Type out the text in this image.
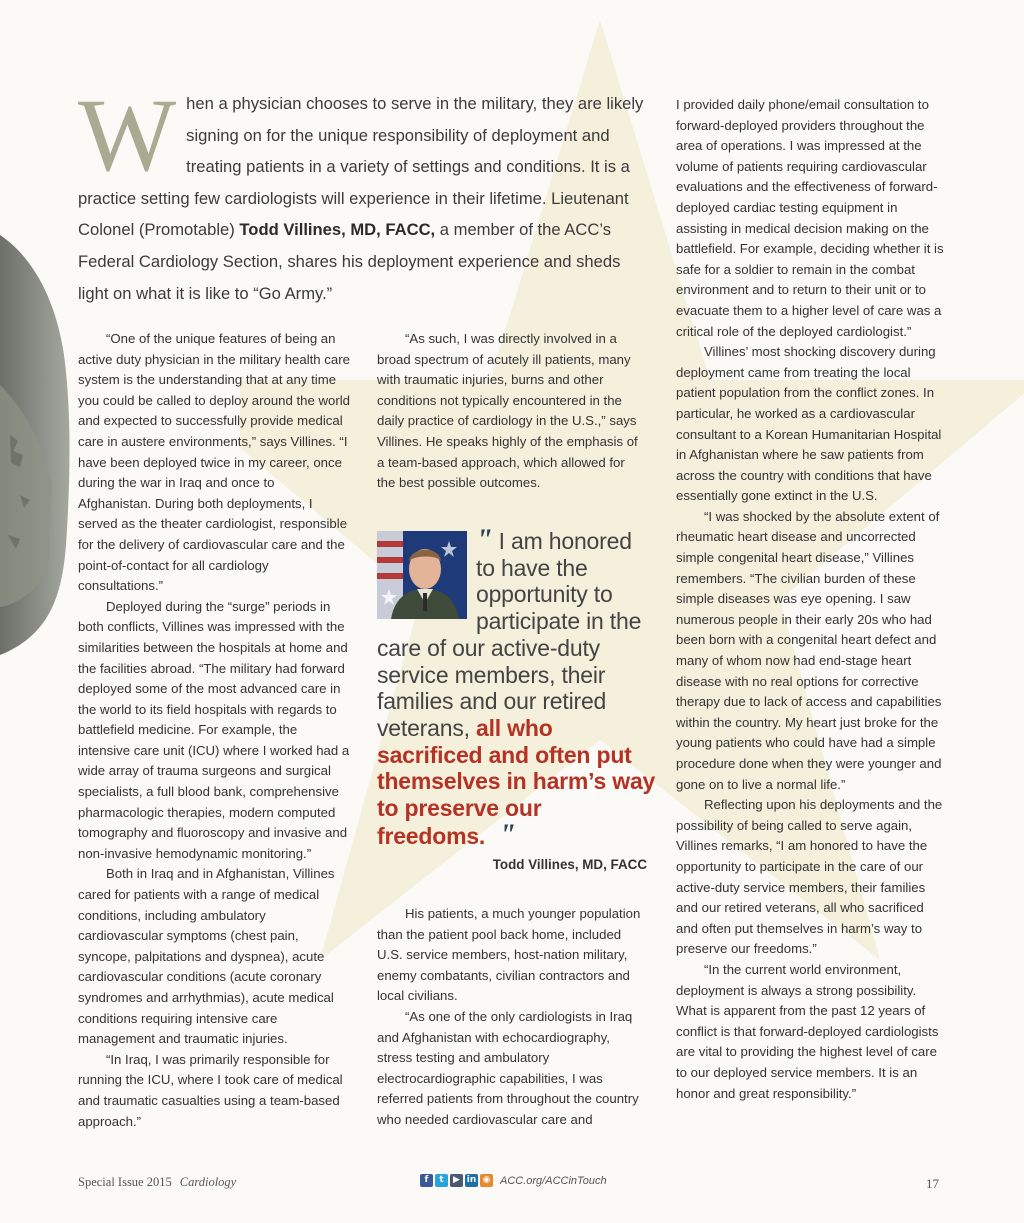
W hen a physician chooses to serve in the military, they are likely signing on for the unique responsibility of deployment and treating patients in a variety of settings and conditions. It is a practice setting few cardiologists will experience in their lifetime. Lieutenant Colonel (Promotable) Todd Villines, MD, FACC, a member of the ACC’s Federal Cardiology Section, shares his deployment experience and sheds light on what it is like to “Go Army.”

“One of the unique features of being an active duty physician in the military health care system is the understanding that at any time you could be called to deploy around the world and expected to successfully provide medical care in austere environments,” says Villines. “I have been deployed twice in my career, once during the war in Iraq and once to Afghanistan. During both deployments, I served as the theater cardiologist, responsible for the delivery of cardiovascular care and the point-of-contact for all cardiology consultations.”

Deployed during the “surge” periods in both conflicts, Villines was impressed with the similarities between the hospitals at home and the facilities abroad. “The military had forward deployed some of the most advanced care in the world to its field hospitals with regards to battlefield medicine. For example, the intensive care unit (ICU) where I worked had a wide array of trauma surgeons and surgical specialists, a full blood bank, comprehensive pharmacologic therapies, modern computed tomography and fluoroscopy and invasive and non-invasive hemodynamic monitoring.”

Both in Iraq and in Afghanistan, Villines cared for patients with a range of medical conditions, including ambulatory cardiovascular symptoms (chest pain, syncope, palpitations and dyspnea), acute cardiovascular conditions (acute coronary syndromes and arrhythmias), acute medical conditions requiring intensive care management and traumatic injuries.

“In Iraq, I was primarily responsible for running the ICU, where I took care of medical and traumatic casualties using a team-based approach.”

“As such, I was directly involved in a broad spectrum of acutely ill patients, many with traumatic injuries, burns and other conditions not typically encountered in the daily practice of cardiology in the U.S.,” says Villines. He speaks highly of the emphasis of a team-based approach, which allowed for the best possible outcomes.

" I am honored
to have the
opportunity to
participate in the
care of our active-duty
service members, their
families and our retired
veterans, all who
sacrificed and often put
themselves in harm’s way
to preserve our
freedoms. "
Todd Villines, MD, FACC

His patients, a much younger population than the patient pool back home, included U.S. service members, host-nation military, enemy combatants, civilian contractors and local civilians.

“As one of the only cardiologists in Iraq and Afghanistan with echocardiography, stress testing and ambulatory electrocardiographic capabilities, I was referred patients from throughout the country who needed cardiovascular care and

I provided daily phone/email consultation to forward-deployed providers throughout the area of operations. I was impressed at the volume of patients requiring cardiovascular evaluations and the effectiveness of forward-deployed cardiac testing equipment in assisting in medical decision making on the battlefield. For example, deciding whether it is safe for a soldier to remain in the combat environment and to return to their unit or to evacuate them to a higher level of care was a critical role of the deployed cardiologist.”

Villines’ most shocking discovery during deployment came from treating the local patient population from the conflict zones. In particular, he worked as a cardiovascular consultant to a Korean Humanitarian Hospital in Afghanistan where he saw patients from across the country with conditions that have essentially gone extinct in the U.S.

“I was shocked by the absolute extent of rheumatic heart disease and uncorrected simple congenital heart disease,” Villines remembers. “The civilian burden of these simple diseases was eye opening. I saw numerous people in their early 20s who had been born with a congenital heart defect and many of whom now had end-stage heart disease with no real options for corrective therapy due to lack of access and capabilities within the country. My heart just broke for the young patients who could have had a simple procedure done when they were younger and gone on to live a normal life.”

Reflecting upon his deployments and the possibility of being called to serve again, Villines remarks, “I am honored to have the opportunity to participate in the care of our active-duty service members, their families and our retired veterans, all who sacrificed and often put themselves in harm’s way to preserve our freedoms.”

“In the current world environment, deployment is always a strong possibility. What is apparent from the past 12 years of conflict is that forward-deployed cardiologists are vital to providing the highest level of care to our deployed service members. It is an honor and great responsibility.”

Special Issue 2015 Cardiology	f	t	▶ in ◉ ACC.org/ACCinTouch	17
